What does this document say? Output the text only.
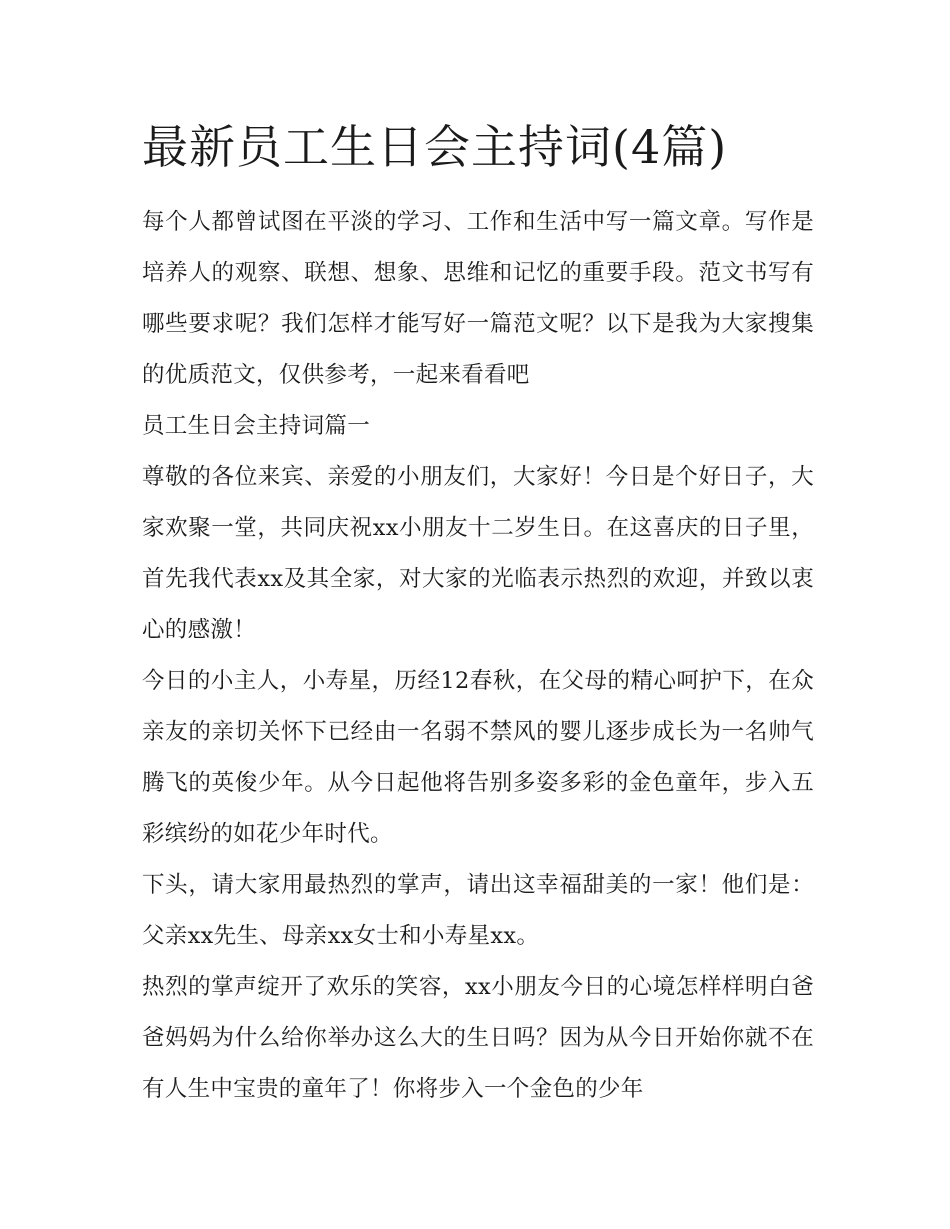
最新员工生日会主持词(4篇)

每个人都曾试图在平淡的学习、工作和生活中写一篇文章。写作是培养人的观察、联想、想象、思维和记忆的重要手段。范文书写有哪些要求呢？我们怎样才能写好一篇范文呢？以下是我为大家搜集的优质范文，仅供参考，一起来看看吧

员工生日会主持词篇一

尊敬的各位来宾、亲爱的小朋友们，大家好！今日是个好日子，大家欢聚一堂，共同庆祝xx小朋友十二岁生日。在这喜庆的日子里，首先我代表xx及其全家，对大家的光临表示热烈的欢迎，并致以衷心的感激！

今日的小主人，小寿星，历经12春秋，在父母的精心呵护下，在众亲友的亲切关怀下已经由一名弱不禁风的婴儿逐步成长为一名帅气腾飞的英俊少年。从今日起他将告别多姿多彩的金色童年，步入五彩缤纷的如花少年时代。

下头，请大家用最热烈的掌声，请出这幸福甜美的一家！他们是：父亲xx先生、母亲xx女士和小寿星xx。

热烈的掌声绽开了欢乐的笑容，xx小朋友今日的心境怎样样明白爸爸妈妈为什么给你举办这么大的生日吗？因为从今日开始你就不在有人生中宝贵的童年了！你将步入一个金色的少年
